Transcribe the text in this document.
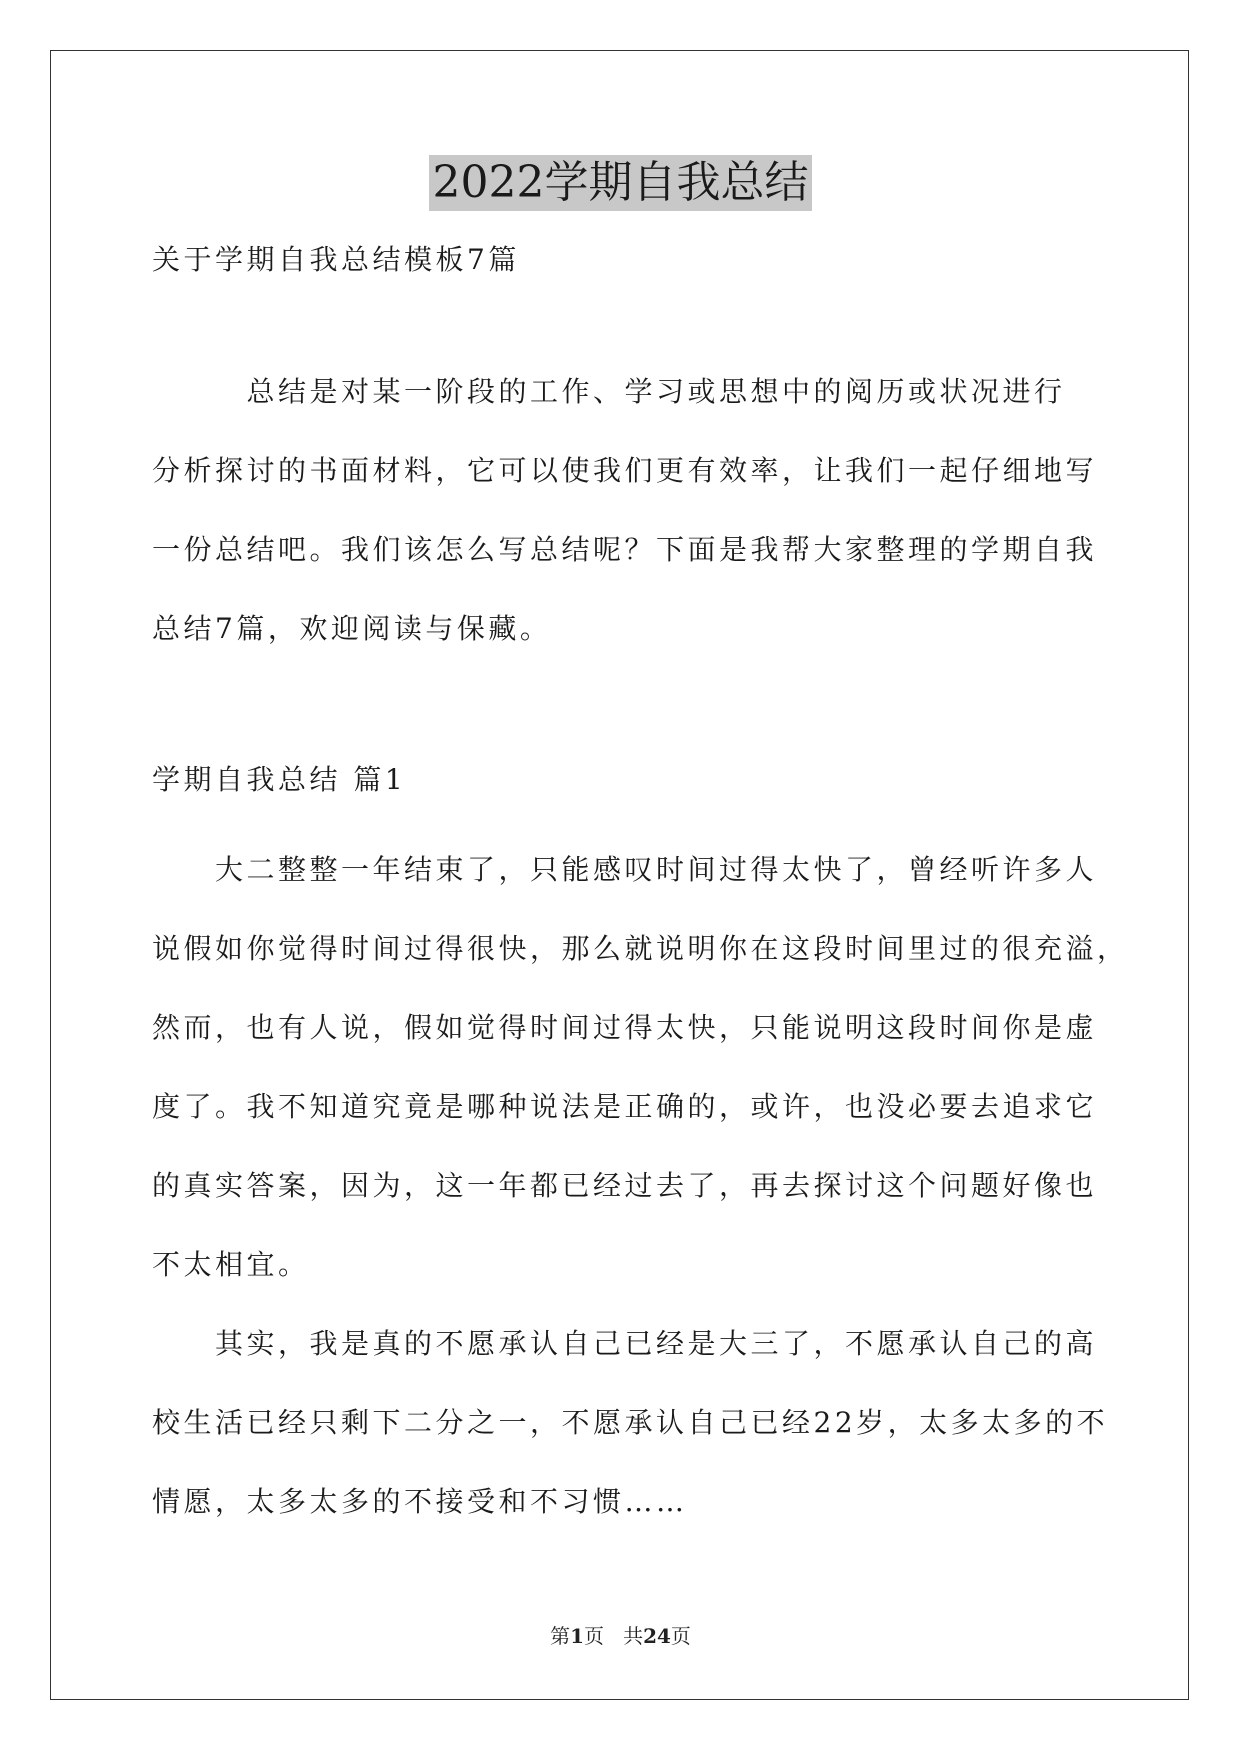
2022学期自我总结
关于学期自我总结模板7篇
　　　总结是对某一阶段的工作、学习或思想中的阅历或状况进行
分析探讨的书面材料，它可以使我们更有效率，让我们一起仔细地写
一份总结吧。我们该怎么写总结呢？下面是我帮大家整理的学期自我
总结7篇，欢迎阅读与保藏。
学期自我总结 篇1
　　大二整整一年结束了，只能感叹时间过得太快了，曾经听许多人
说假如你觉得时间过得很快，那么就说明你在这段时间里过的很充溢，
然而，也有人说，假如觉得时间过得太快，只能说明这段时间你是虚
度了。我不知道究竟是哪种说法是正确的，或许，也没必要去追求它
的真实答案，因为，这一年都已经过去了，再去探讨这个问题好像也
不太相宜。
　　其实，我是真的不愿承认自己已经是大三了，不愿承认自己的高
校生活已经只剩下二分之一，不愿承认自己已经22岁，太多太多的不
情愿，太多太多的不接受和不习惯……
第1页 共24页
